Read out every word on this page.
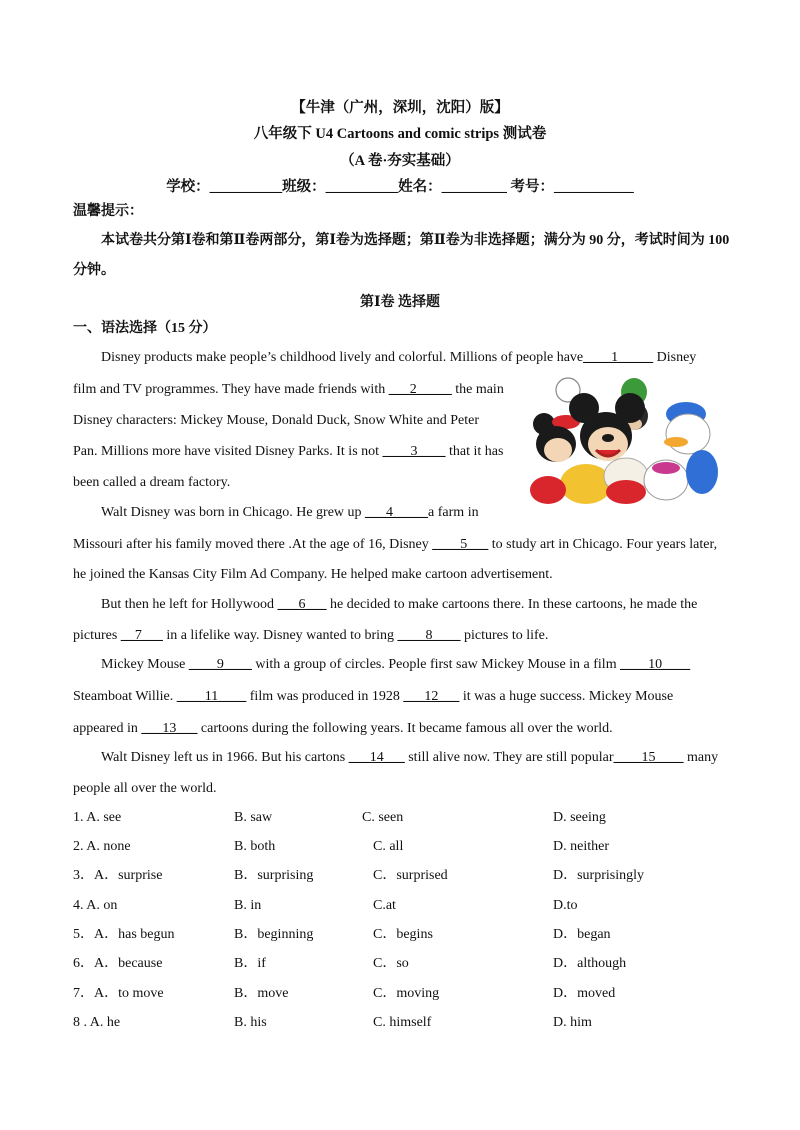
【牛津（广州，深圳，沈阳）版】
八年级下 U4 Cartoons and comic strips 测试卷
（A 卷·夯实基础）
学校：__________班级：__________姓名：_________ 考号：___________
温馨提示：
本试卷共分第Ⅰ卷和第Ⅱ卷两部分，第Ⅰ卷为选择题；第Ⅱ卷为非选择题；满分为 90 分，考试时间为 100
分钟。
第Ⅰ卷 选择题
一、语法选择（15 分）
Disney products make people’s childhood lively and colorful. Millions of people have____1_____ Disney
film and TV programmes. They have made friends with ___2_____ the main
Disney characters: Mickey Mouse, Donald Duck, Snow White and Peter
Pan. Millions more have visited Disney Parks. It is not ____3____ that it has
been called a dream factory.
Walt Disney was born in Chicago. He grew up ___4_____a farm in
Missouri after his family moved there .At the age of 16, Disney ____5___ to study art in Chicago. Four years later,
he joined the Kansas City Film Ad Company. He helped make cartoon advertisement.
But then he left for Hollywood ___6___ he decided to make cartoons there. In these cartoons, he made the
pictures __7___ in a lifelike way. Disney wanted to bring ____8____ pictures to life.
Mickey Mouse ____9____ with a group of circles. People first saw Mickey Mouse in a film ____10____
Steamboat Willie. ____11____ film was produced in 1928 ___12___ it was a huge success. Mickey Mouse
appeared in ___13___ cartoons during the following years. It became famous all over the world.
Walt Disney left us in 1966. But his cartons ___14___ still alive now. They are still popular____15____ many
people all over the world.
1. A. see	B. saw	C. seen	D. seeing
2. A. none	B. both	C. all	D. neither
3．A．surprise	B．surprising	C．surprised	D．surprisingly
4. A. on	B. in	C.at	D.to
5．A．has begun	B．beginning	C．begins	D．began
6．A．because	B．if	C．so	D．although
7．A．to move	B．move	C．moving	D．moved
8 . A. he	B. his	C. himself	D. him
